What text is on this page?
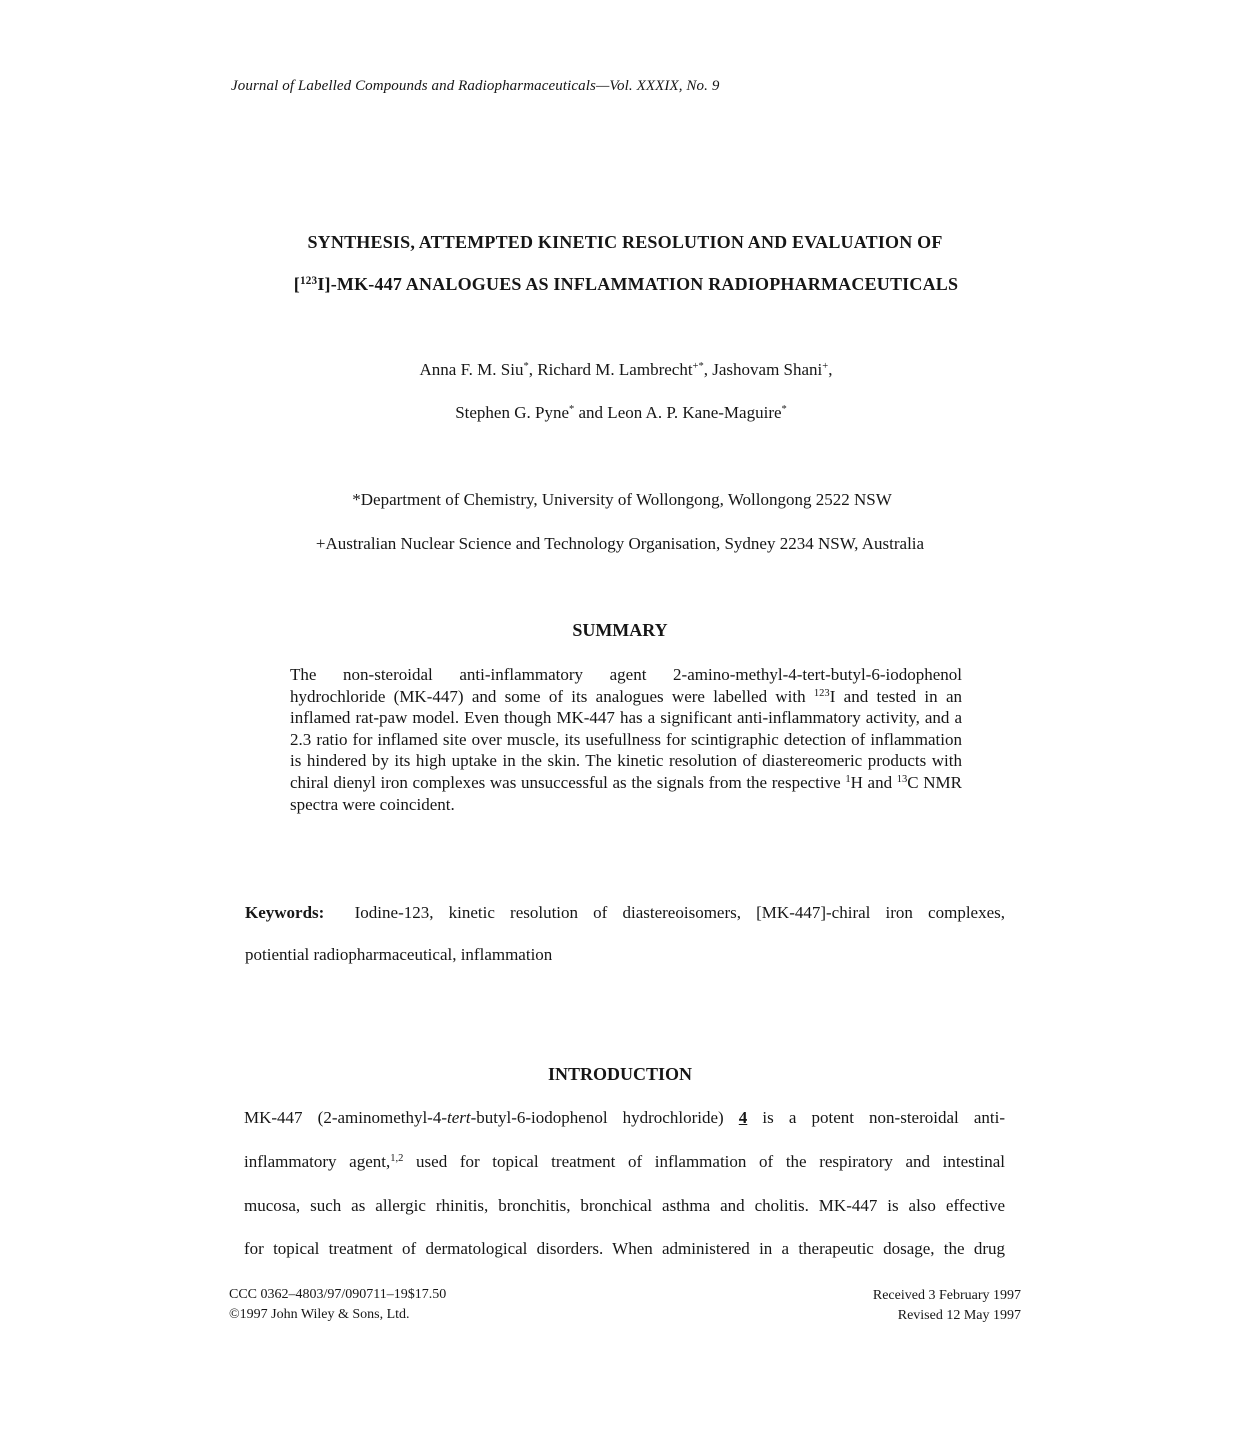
Journal of Labelled Compounds and Radiopharmaceuticals—Vol. XXXIX, No. 9
SYNTHESIS, ATTEMPTED KINETIC RESOLUTION AND EVALUATION OF
[$^{123}$I]-MK-447 ANALOGUES AS INFLAMMATION RADIOPHARMACEUTICALS
Anna F. M. Siu*, Richard M. Lambrecht+*, Jashovam Shani+,
Stephen G. Pyne* and Leon A. P. Kane-Maguire*
*Department of Chemistry, University of Wollongong, Wollongong 2522 NSW
+Australian Nuclear Science and Technology Organisation, Sydney 2234 NSW, Australia
SUMMARY
The non-steroidal anti-inflammatory agent 2-amino-methyl-4-tert-butyl-6-iodophenol hydrochloride (MK-447) and some of its analogues were labelled with $^{123}$I and tested in an inflamed rat-paw model. Even though MK-447 has a significant anti-inflammatory activity, and a 2.3 ratio for inflamed site over muscle, its usefullness for scintigraphic detection of inflammation is hindered by its high uptake in the skin. The kinetic resolution of diastereomeric products with chiral dienyl iron complexes was unsuccessful as the signals from the respective $^1$H and $^{13}$C NMR spectra were coincident.
Keywords: Iodine-123, kinetic resolution of diastereoisomers, [MK-447]-chiral iron complexes,
potiential radiopharmaceutical, inflammation
INTRODUCTION
MK-447 (2-aminomethyl-4-tert-butyl-6-iodophenol hydrochloride) 4 is a potent non-steroidal anti-
inflammatory agent,$^{1,2}$ used for topical treatment of inflammation of the respiratory and intestinal
mucosa, such as allergic rhinitis, bronchitis, bronchical asthma and cholitis. MK-447 is also effective
for topical treatment of dermatological disorders. When administered in a therapeutic dosage, the drug
CCC 0362–4803/97/090711–19$17.50
©1997 John Wiley & Sons, Ltd.
Received 3 February 1997
Revised 12 May 1997
